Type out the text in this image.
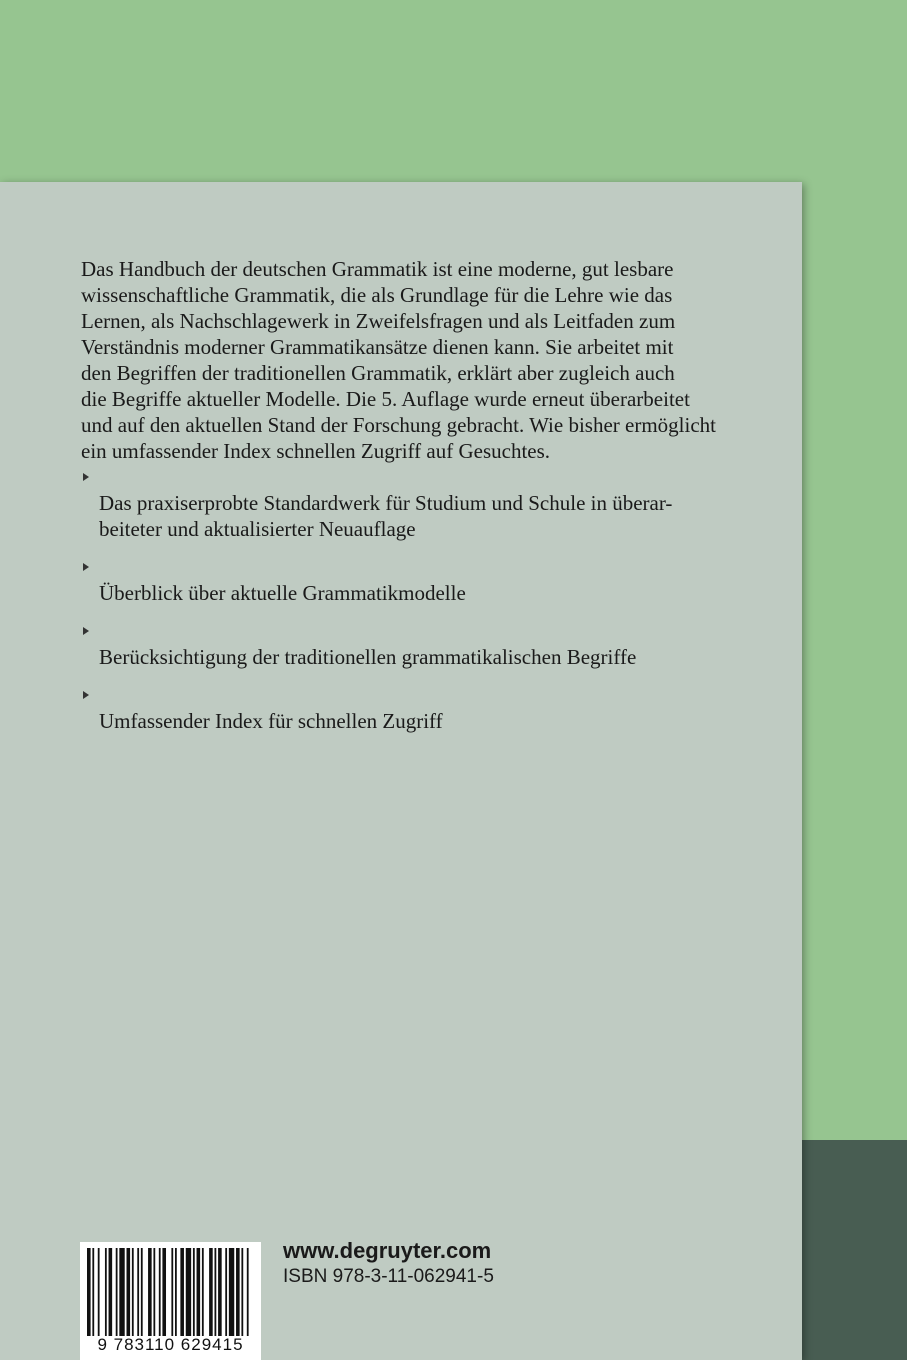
Das Handbuch der deutschen Grammatik ist eine moderne, gut lesbare
wissenschaftliche Grammatik, die als Grundlage für die Lehre wie das
Lernen, als Nachschlagewerk in Zweifelsfragen und als Leitfaden zum
Verständnis moderner Grammatikansätze dienen kann. Sie arbeitet mit
den Begriffen der traditionellen Grammatik, erklärt aber zugleich auch
die Begriffe aktueller Modelle. Die 5. Auflage wurde erneut überarbeitet
und auf den aktuellen Stand der Forschung gebracht. Wie bisher ermöglicht
ein umfassender Index schnellen Zugriff auf Gesuchtes.

Das praxiserprobte Standardwerk für Studium und Schule in überar-
beiteter und aktualisierter Neuauflage

Überblick über aktuelle Grammatikmodelle

Berücksichtigung der traditionellen grammatikalischen Begriffe

Umfassender Index für schnellen Zugriff

9 783110 629415
www.degruyter.com
ISBN 978-3-11-062941-5
